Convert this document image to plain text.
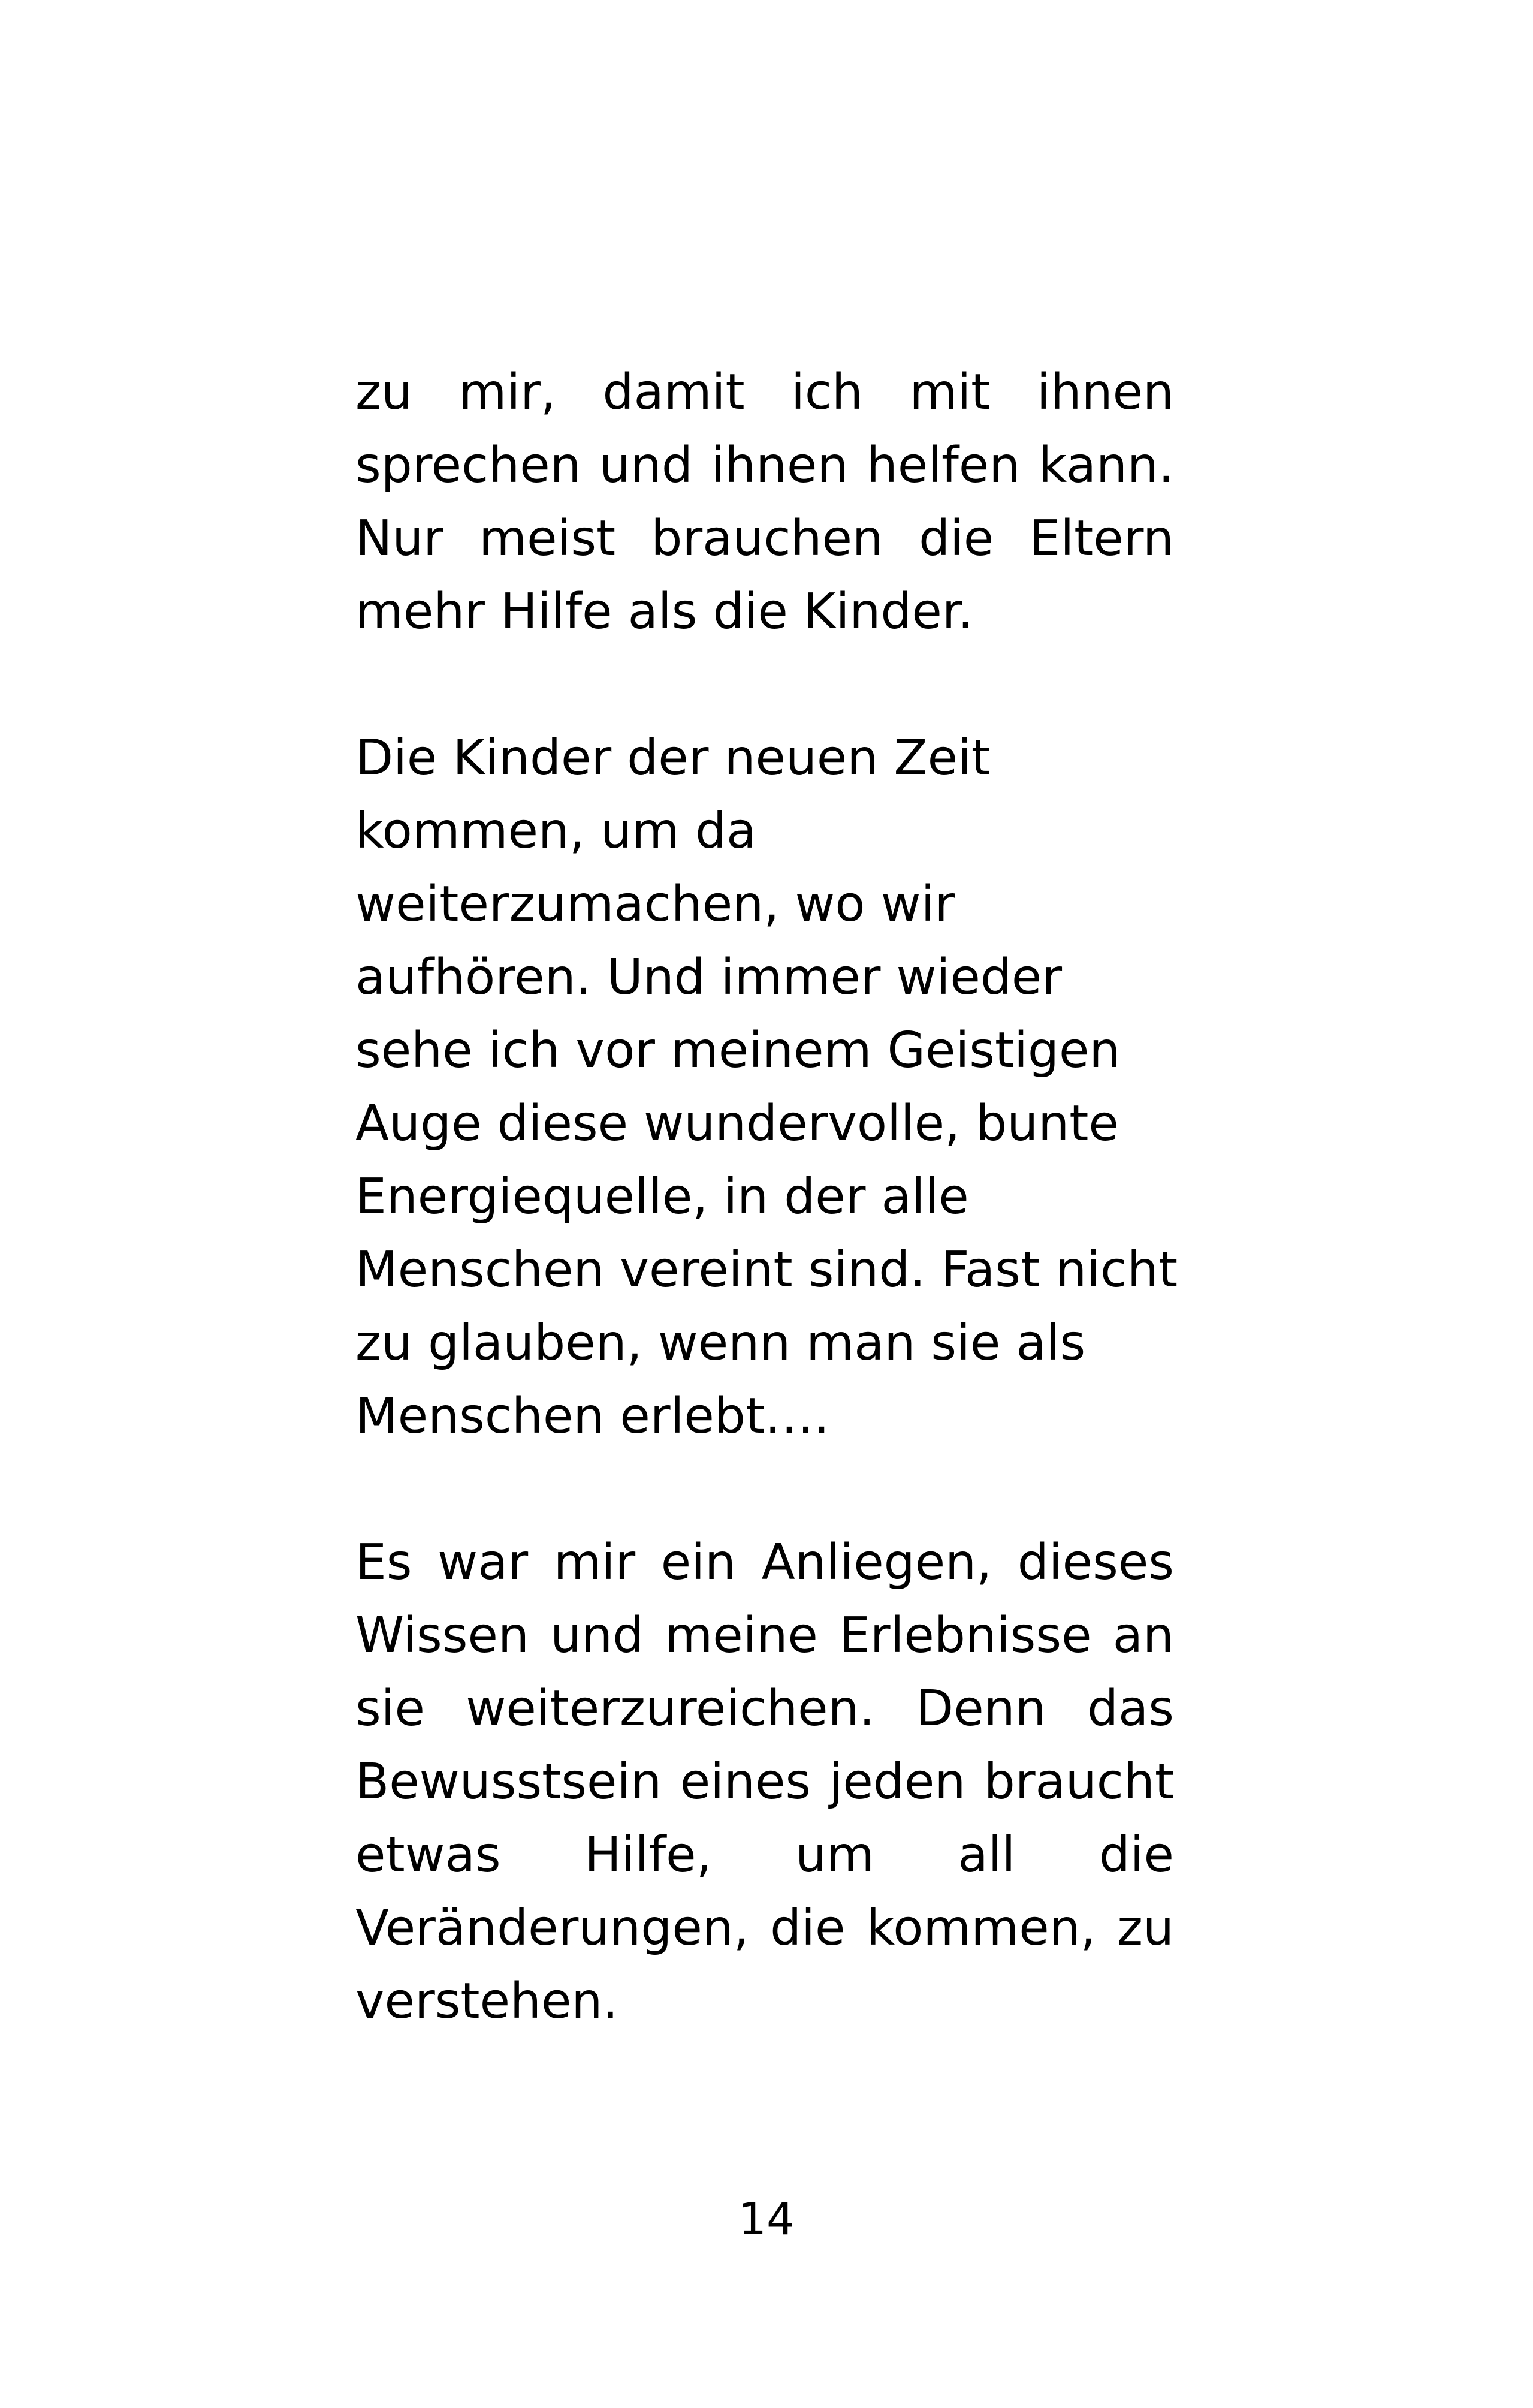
zu mir, damit ich mit ihnen
sprechen und ihnen helfen kann.
Nur meist brauchen die Eltern
mehr Hilfe als die Kinder.
Die Kinder der neuen Zeit
kommen, um da
weiterzumachen, wo wir
aufhören. Und immer wieder
sehe ich vor meinem Geistigen
Auge diese wundervolle, bunte
Energiequelle, in der alle
Menschen vereint sind. Fast nicht
zu glauben, wenn man sie als
Menschen erlebt….
Es war mir ein Anliegen, dieses
Wissen und meine Erlebnisse an
sie weiterzureichen. Denn das
Bewusstsein eines jeden braucht
etwas Hilfe, um all die
Veränderungen, die kommen, zu
verstehen.
14
